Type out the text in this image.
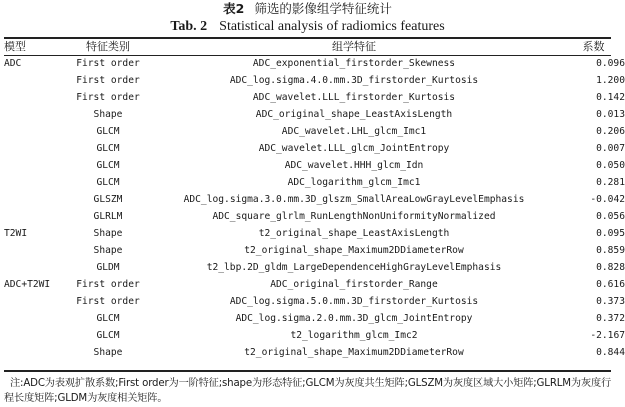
表2 筛选的影像组学特征统计
Tab. 2 Statistical analysis of radiomics features
模型	特征类别	组学特征	系数
ADC	First order	ADC_exponential_firstorder_Skewness	0.096
	First order	ADC_log.sigma.4.0.mm.3D_firstorder_Kurtosis	1.200
	First order	ADC_wavelet.LLL_firstorder_Kurtosis	0.142
	Shape	ADC_original_shape_LeastAxisLength	0.013
	GLCM	ADC_wavelet.LHL_glcm_Imc1	0.206
	GLCM	ADC_wavelet.LLL_glcm_JointEntropy	0.007
	GLCM	ADC_wavelet.HHH_glcm_Idn	0.050
	GLCM	ADC_logarithm_glcm_Imc1	0.281
	GLSZM	ADC_log.sigma.3.0.mm.3D_glszm_SmallAreaLowGrayLevelEmphasis	-0.042
	GLRLM	ADC_square_glrlm_RunLengthNonUniformityNormalized	0.056
T2WI	Shape	t2_original_shape_LeastAxisLength	0.095
	Shape	t2_original_shape_Maximum2DDiameterRow	0.859
	GLDM	t2_lbp.2D_gldm_LargeDependenceHighGrayLevelEmphasis	0.828
ADC+T2WI	First order	ADC_original_firstorder_Range	0.616
	First order	ADC_log.sigma.5.0.mm.3D_firstorder_Kurtosis	0.373
	GLCM	ADC_log.sigma.2.0.mm.3D_glcm_JointEntropy	0.372
	GLCM	t2_logarithm_glcm_Imc2	-2.167
	Shape	t2_original_shape_Maximum2DDiameterRow	0.844
注:ADC为表观扩散系数;First order为一阶特征;shape为形态特征;GLCM为灰度共生矩阵;GLSZM为灰度区域大小矩阵;GLRLM为灰度行程长度矩阵;GLDM为灰度相关矩阵。
